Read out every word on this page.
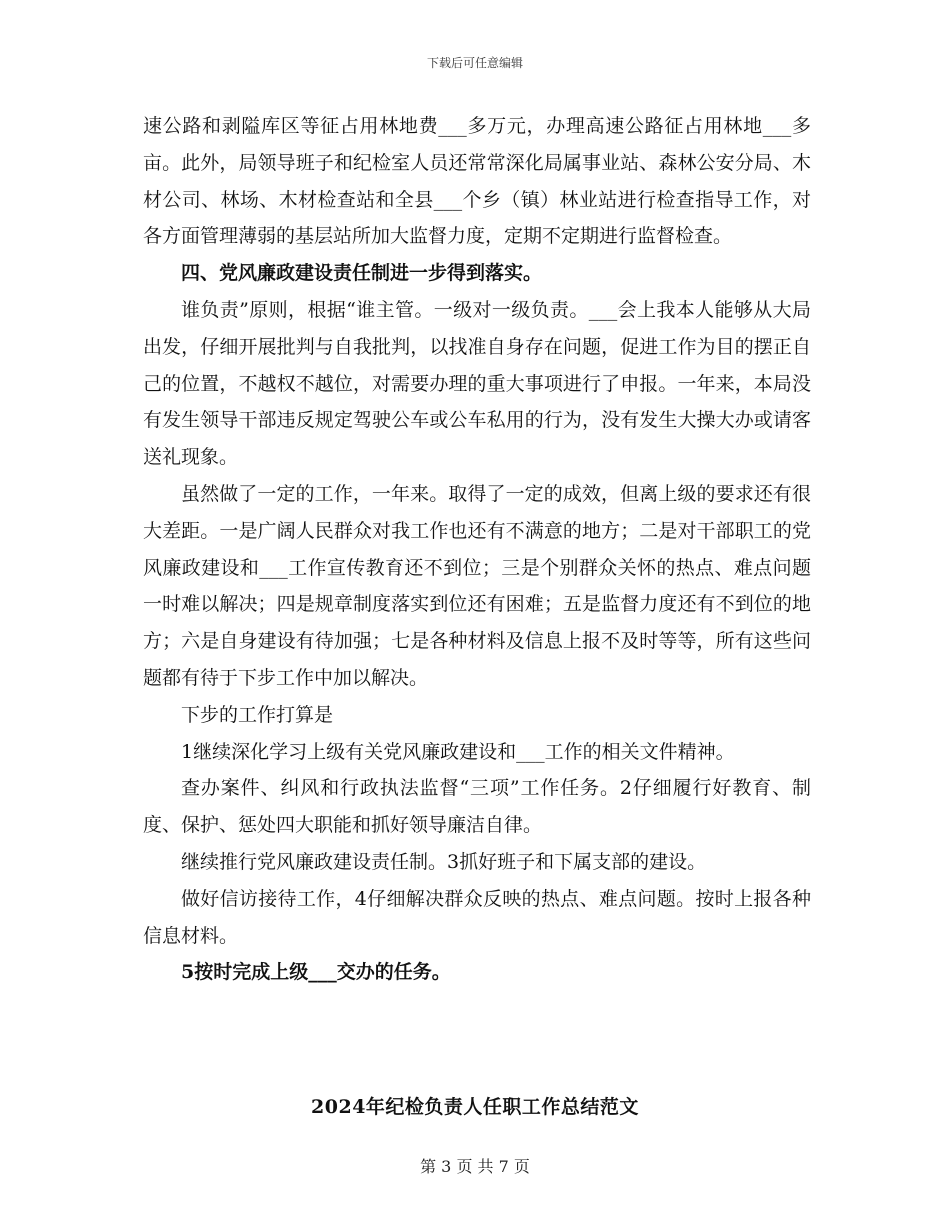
下载后可任意编辑

速公路和剥隘库区等征占用林地费___多万元，办理高速公路征占用林地___多亩。此外，局领导班子和纪检室人员还常常深化局属事业站、森林公安分局、木材公司、林场、木材检查站和全县___个乡（镇）林业站进行检查指导工作，对各方面管理薄弱的基层站所加大监督力度，定期不定期进行监督检查。

四、党风廉政建设责任制进一步得到落实。

谁负责”原则，根据“谁主管。一级对一级负责。___会上我本人能够从大局出发，仔细开展批判与自我批判，以找准自身存在问题，促进工作为目的摆正自己的位置，不越权不越位，对需要办理的重大事项进行了申报。一年来，本局没有发生领导干部违反规定驾驶公车或公车私用的行为，没有发生大操大办或请客送礼现象。

虽然做了一定的工作，一年来。取得了一定的成效，但离上级的要求还有很大差距。一是广阔人民群众对我工作也还有不满意的地方；二是对干部职工的党风廉政建设和___工作宣传教育还不到位；三是个别群众关怀的热点、难点问题一时难以解决；四是规章制度落实到位还有困难；五是监督力度还有不到位的地方；六是自身建设有待加强；七是各种材料及信息上报不及时等等，所有这些问题都有待于下步工作中加以解决。

下步的工作打算是

1继续深化学习上级有关党风廉政建设和___工作的相关文件精神。

查办案件、纠风和行政执法监督“三项”工作任务。2仔细履行好教育、制度、保护、惩处四大职能和抓好领导廉洁自律。

继续推行党风廉政建设责任制。3抓好班子和下属支部的建设。

做好信访接待工作，4仔细解决群众反映的热点、难点问题。按时上报各种信息材料。

5按时完成上级___交办的任务。

2024年纪检负责人任职工作总结范文
第 3 页 共 7 页
